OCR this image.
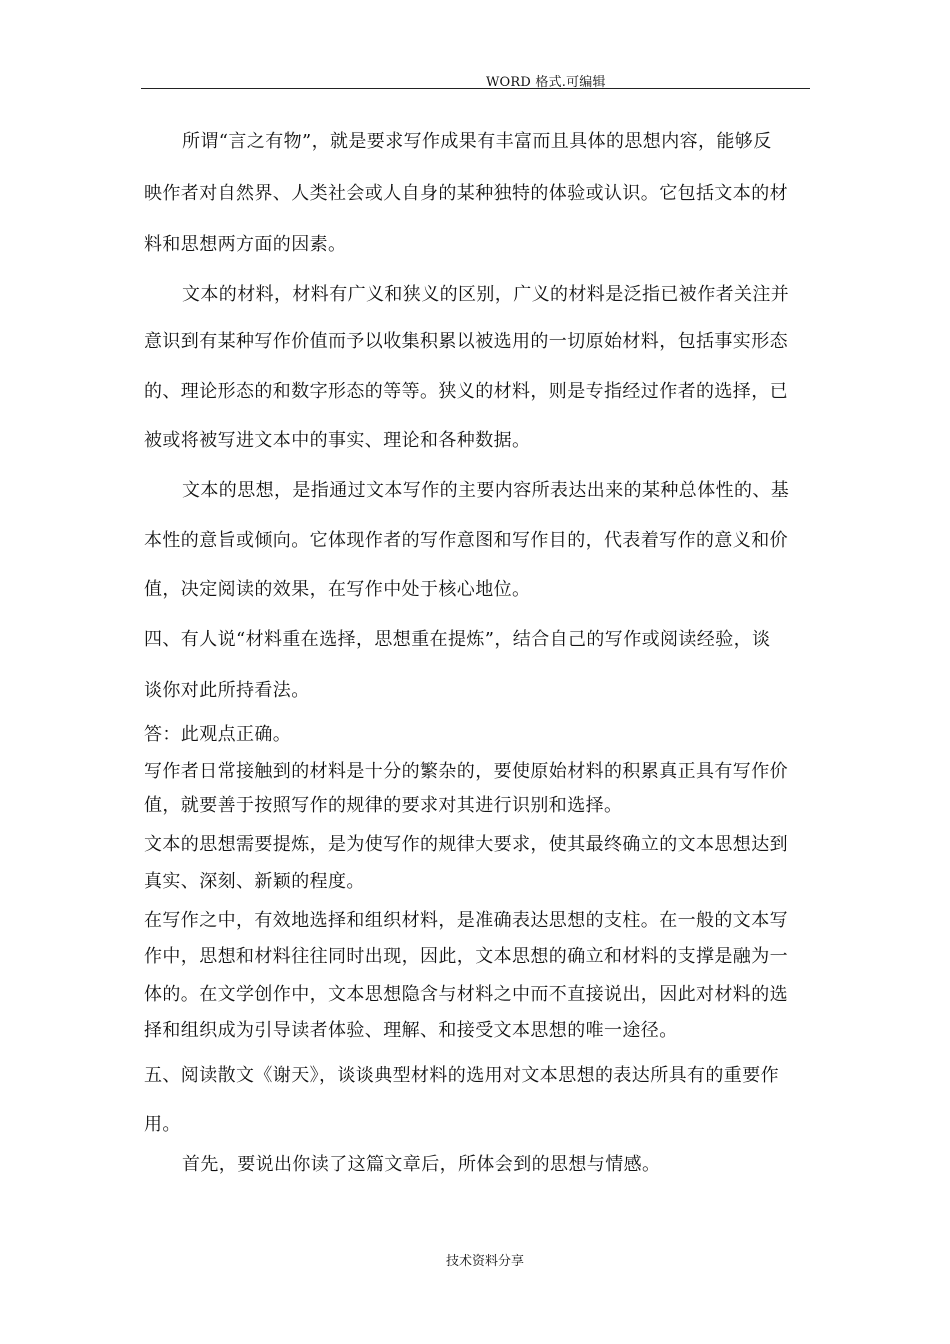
WORD 格式.可编辑
所谓“言之有物”，就是要求写作成果有丰富而且具体的思想内容，能够反
映作者对自然界、人类社会或人自身的某种独特的体验或认识。它包括文本的材
料和思想两方面的因素。
文本的材料，材料有广义和狭义的区别，广义的材料是泛指已被作者关注并
意识到有某种写作价值而予以收集积累以被选用的一切原始材料，包括事实形态
的、理论形态的和数字形态的等等。狭义的材料，则是专指经过作者的选择，已
被或将被写进文本中的事实、理论和各种数据。
文本的思想，是指通过文本写作的主要内容所表达出来的某种总体性的、基
本性的意旨或倾向。它体现作者的写作意图和写作目的，代表着写作的意义和价
值，决定阅读的效果，在写作中处于核心地位。
四、有人说“材料重在选择，思想重在提炼”，结合自己的写作或阅读经验，谈
谈你对此所持看法。
答：此观点正确。
写作者日常接触到的材料是十分的繁杂的，要使原始材料的积累真正具有写作价
值，就要善于按照写作的规律的要求对其进行识别和选择。
文本的思想需要提炼，是为使写作的规律大要求，使其最终确立的文本思想达到
真实、深刻、新颖的程度。
在写作之中，有效地选择和组织材料，是准确表达思想的支柱。在一般的文本写
作中，思想和材料往往同时出现，因此，文本思想的确立和材料的支撑是融为一
体的。在文学创作中，文本思想隐含与材料之中而不直接说出，因此对材料的选
择和组织成为引导读者体验、理解、和接受文本思想的唯一途径。
五、阅读散文《谢天》，谈谈典型材料的选用对文本思想的表达所具有的重要作
用。
首先，要说出你读了这篇文章后，所体会到的思想与情感。
技术资料分享
